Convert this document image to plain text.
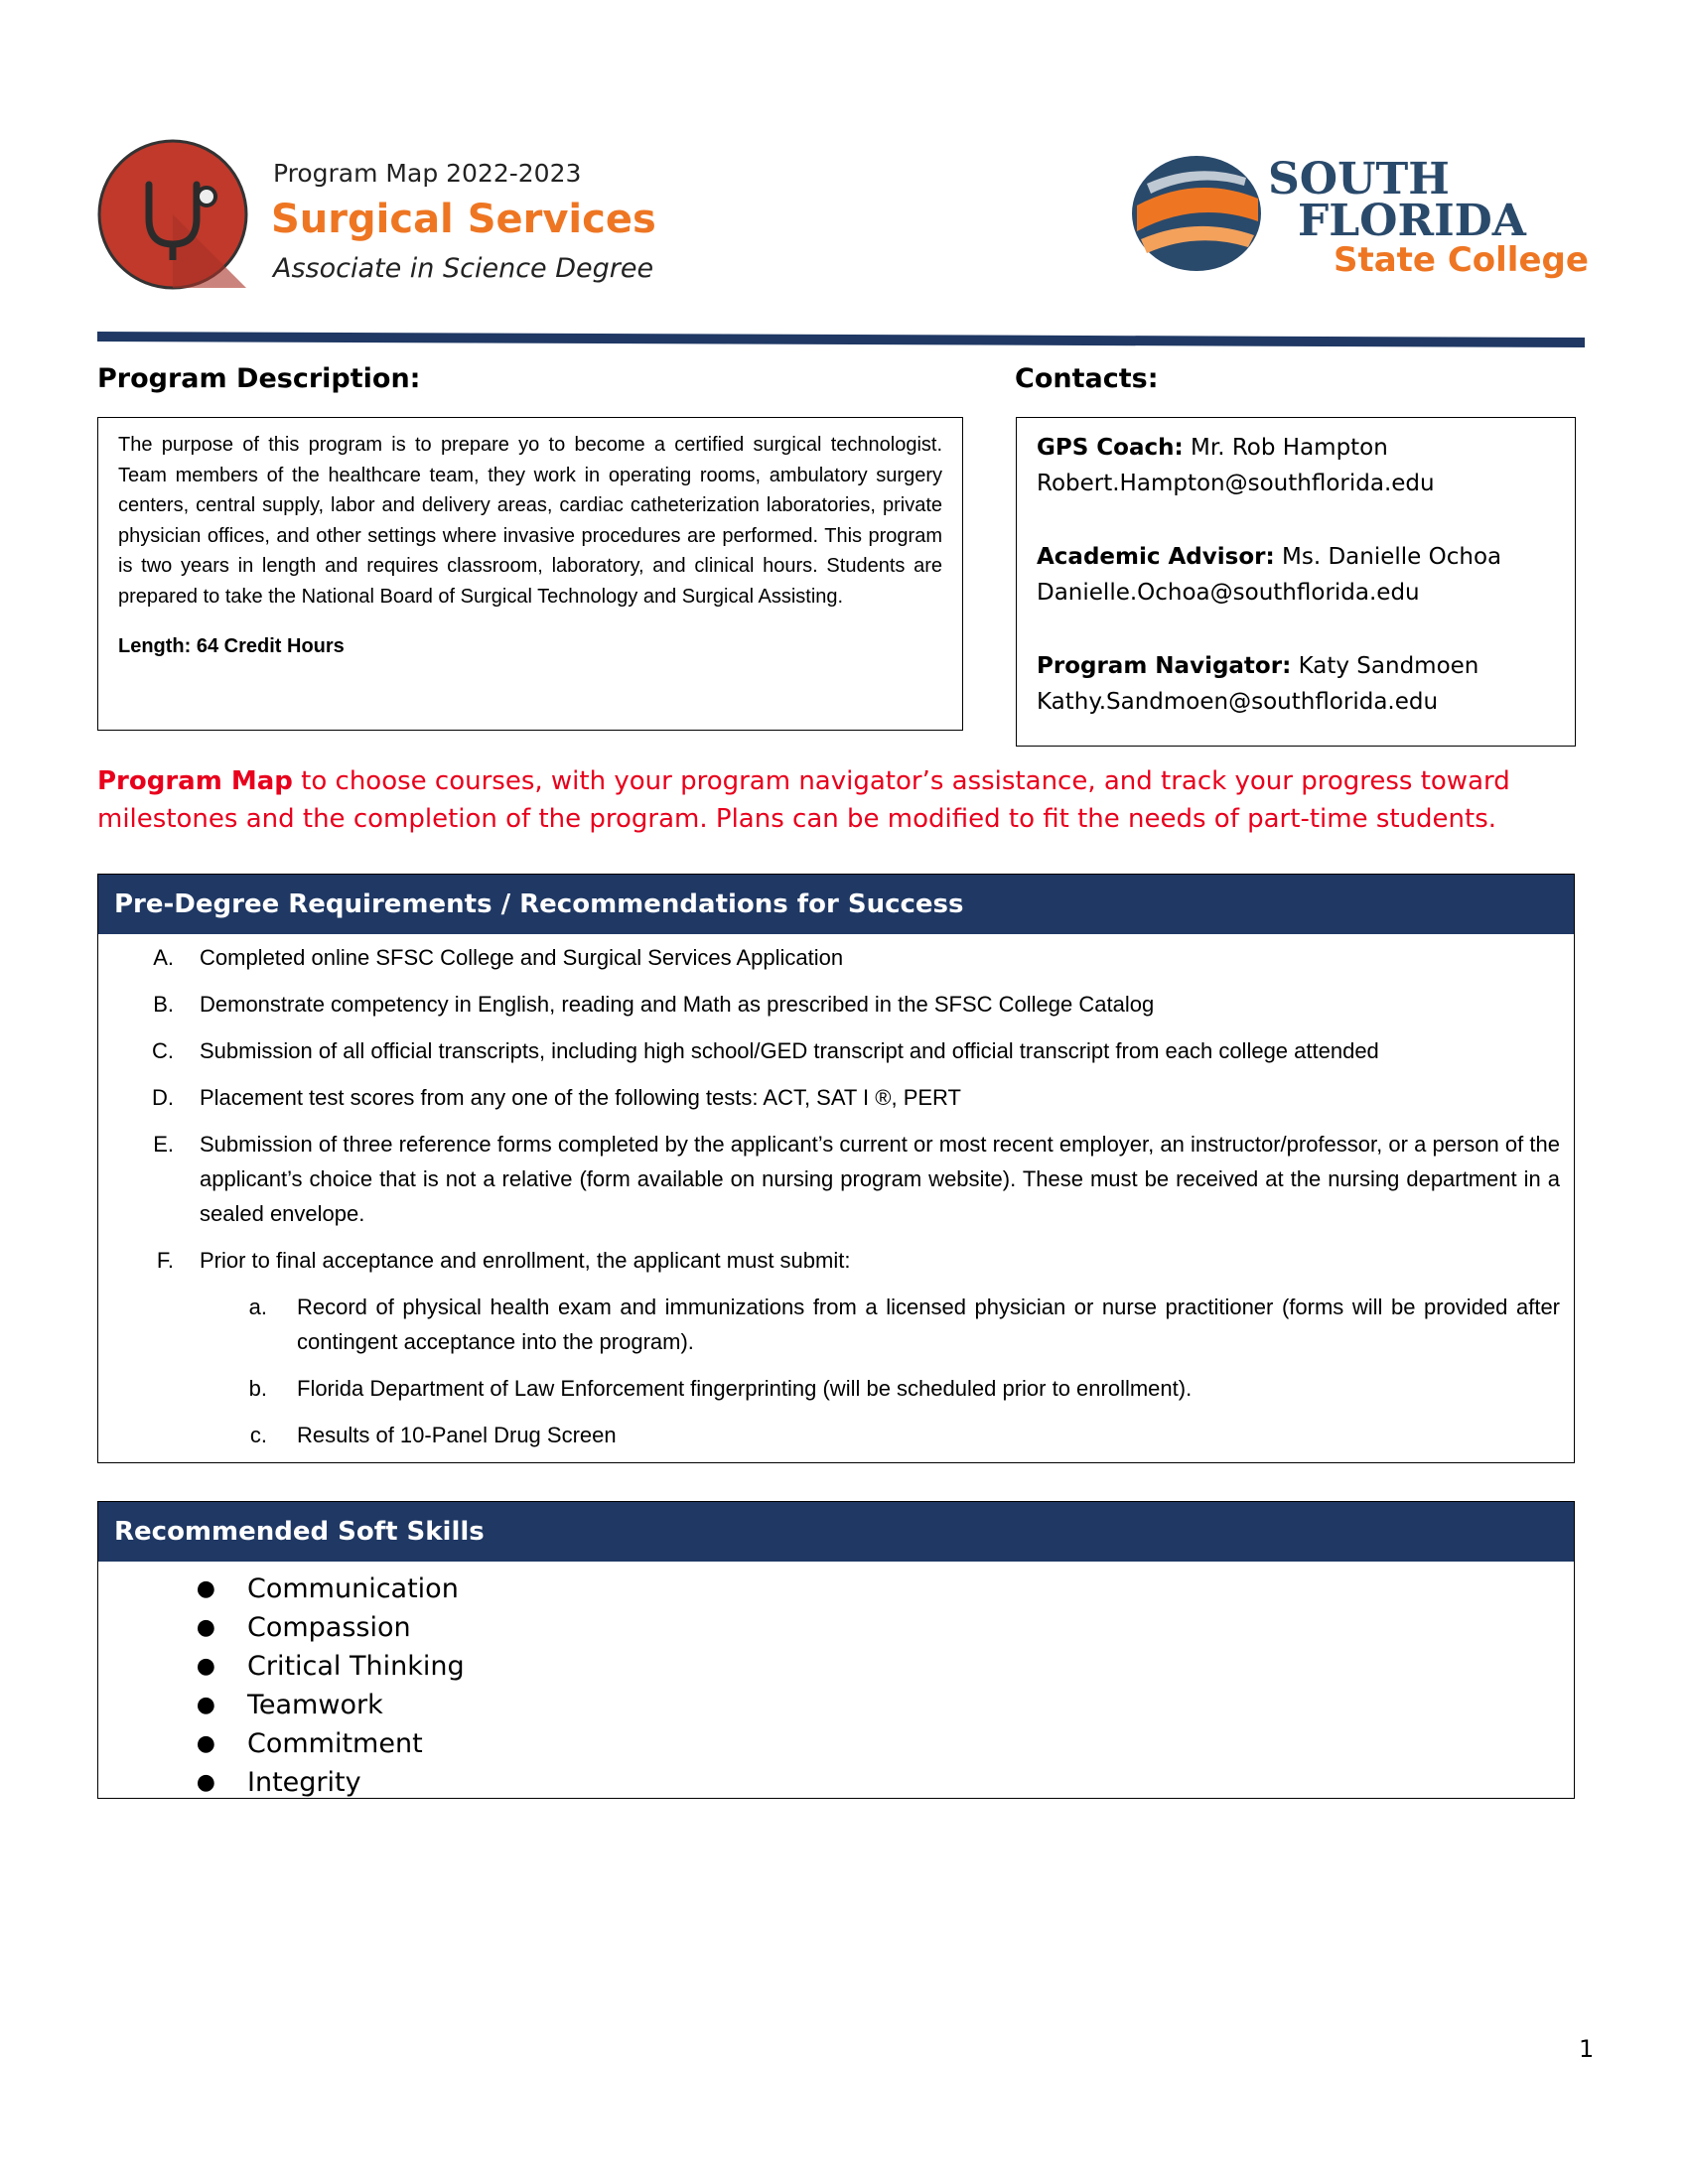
Program Map 2022-2023
Surgical Services
Associate in Science Degree
SOUTH
FLORIDA
State College
Program Description:	Contacts:
The purpose of this program is to prepare yo to become a certified surgical technologist. Team members of the healthcare team, they work in operating rooms, ambulatory surgery centers, central supply, labor and delivery areas, cardiac catheterization laboratories, private physician offices, and other settings where invasive procedures are performed. This program is two years in length and requires classroom, laboratory, and clinical hours. Students are prepared to take the National Board of Surgical Technology and Surgical Assisting.
Length: 64 Credit Hours
GPS Coach: Mr. Rob Hampton
Robert.Hampton@southflorida.edu
Academic Advisor: Ms. Danielle Ochoa
Danielle.Ochoa@southflorida.edu
Program Navigator: Katy Sandmoen
Kathy.Sandmoen@southflorida.edu
Program Map to choose courses, with your program navigator’s assistance, and track your progress toward milestones and the completion of the program. Plans can be modified to fit the needs of part-time students.
Pre-Degree Requirements / Recommendations for Success
A.	Completed online SFSC College and Surgical Services Application
B.	Demonstrate competency in English, reading and Math as prescribed in the SFSC College Catalog
C.	Submission of all official transcripts, including high school/GED transcript and official transcript from each college attended
D.	Placement test scores from any one of the following tests: ACT, SAT I ®, PERT
E.	Submission of three reference forms completed by the applicant’s current or most recent employer, an instructor/professor, or a person of the applicant’s choice that is not a relative (form available on nursing program website). These must be received at the nursing department in a sealed envelope.
F.	Prior to final acceptance and enrollment, the applicant must submit:
a.	Record of physical health exam and immunizations from a licensed physician or nurse practitioner (forms will be provided after contingent acceptance into the program).
b.	Florida Department of Law Enforcement fingerprinting (will be scheduled prior to enrollment).
c.	Results of 10-Panel Drug Screen
Recommended Soft Skills
●	Communication
●	Compassion
●	Critical Thinking
●	Teamwork
●	Commitment
●	Integrity
1
